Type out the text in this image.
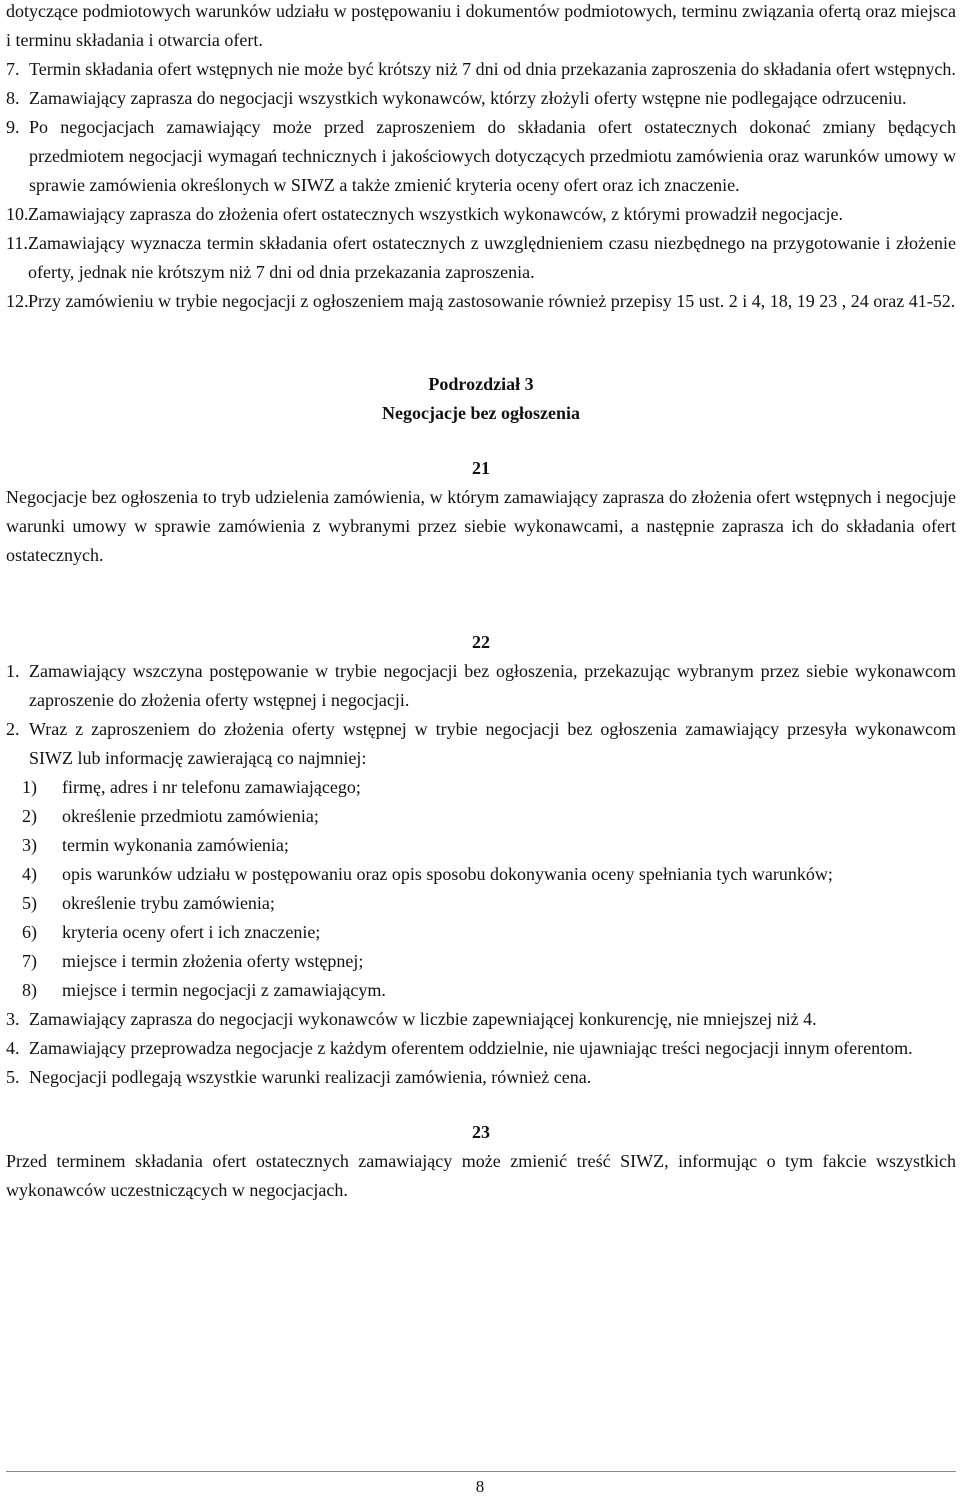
dotyczące podmiotowych warunków udziału w postępowaniu i dokumentów podmiotowych, terminu związania ofertą oraz miejsca i terminu składania i otwarcia ofert.

7. Termin składania ofert wstępnych nie może być krótszy niż 7 dni od dnia przekazania zaproszenia do składania ofert wstępnych.
8. Zamawiający zaprasza do negocjacji wszystkich wykonawców, którzy złożyli oferty wstępne nie podlegające odrzuceniu.
9. Po negocjacjach zamawiający może przed zaproszeniem do składania ofert ostatecznych dokonać zmiany będących przedmiotem negocjacji wymagań technicznych i jakościowych dotyczących przedmiotu zamówienia oraz warunków umowy w sprawie zamówienia określonych w SIWZ a także zmienić kryteria oceny ofert oraz ich znaczenie.
10. Zamawiający zaprasza do złożenia ofert ostatecznych wszystkich wykonawców, z którymi prowadził negocjacje.
11. Zamawiający wyznacza termin składania ofert ostatecznych z uwzględnieniem czasu niezbędnego na przygotowanie i złożenie oferty, jednak nie krótszym niż 7 dni od dnia przekazania zaproszenia.
12. Przy zamówieniu w trybie negocjacji z ogłoszeniem mają zastosowanie również przepisy 15 ust. 2 i 4, 18, 19 23 , 24 oraz 41-52.

Podrozdział 3

Negocjacje bez ogłoszenia

21

Negocjacje bez ogłoszenia to tryb udzielenia zamówienia, w którym zamawiający zaprasza do złożenia ofert wstępnych i negocjuje warunki umowy w sprawie zamówienia z wybranymi przez siebie wykonawcami, a następnie zaprasza ich do składania ofert ostatecznych.

22

1. Zamawiający wszczyna postępowanie w trybie negocjacji bez ogłoszenia, przekazując wybranym przez siebie wykonawcom zaproszenie do złożenia oferty wstępnej i negocjacji.
2. Wraz z zaproszeniem do złożenia oferty wstępnej w trybie negocjacji bez ogłoszenia zamawiający przesyła wykonawcom SIWZ lub informację zawierającą co najmniej:
1)	firmę, adres i nr telefonu zamawiającego;
2)	określenie przedmiotu zamówienia;
3)	termin wykonania zamówienia;
4)	opis warunków udziału w postępowaniu oraz opis sposobu dokonywania oceny spełniania tych warunków;
5)	określenie trybu zamówienia;
6)	kryteria oceny ofert i ich znaczenie;
7)	miejsce i termin złożenia oferty wstępnej;
8)	miejsce i termin negocjacji z zamawiającym.
3. Zamawiający zaprasza do negocjacji wykonawców w liczbie zapewniającej konkurencję, nie mniejszej niż 4.
4. Zamawiający przeprowadza negocjacje z każdym oferentem oddzielnie, nie ujawniając treści negocjacji innym oferentom.
5. Negocjacji podlegają wszystkie warunki realizacji zamówienia, również cena.

23

Przed terminem składania ofert ostatecznych zamawiający może zmienić treść SIWZ, informując o tym fakcie wszystkich wykonawców uczestniczących w negocjacjach.

8
